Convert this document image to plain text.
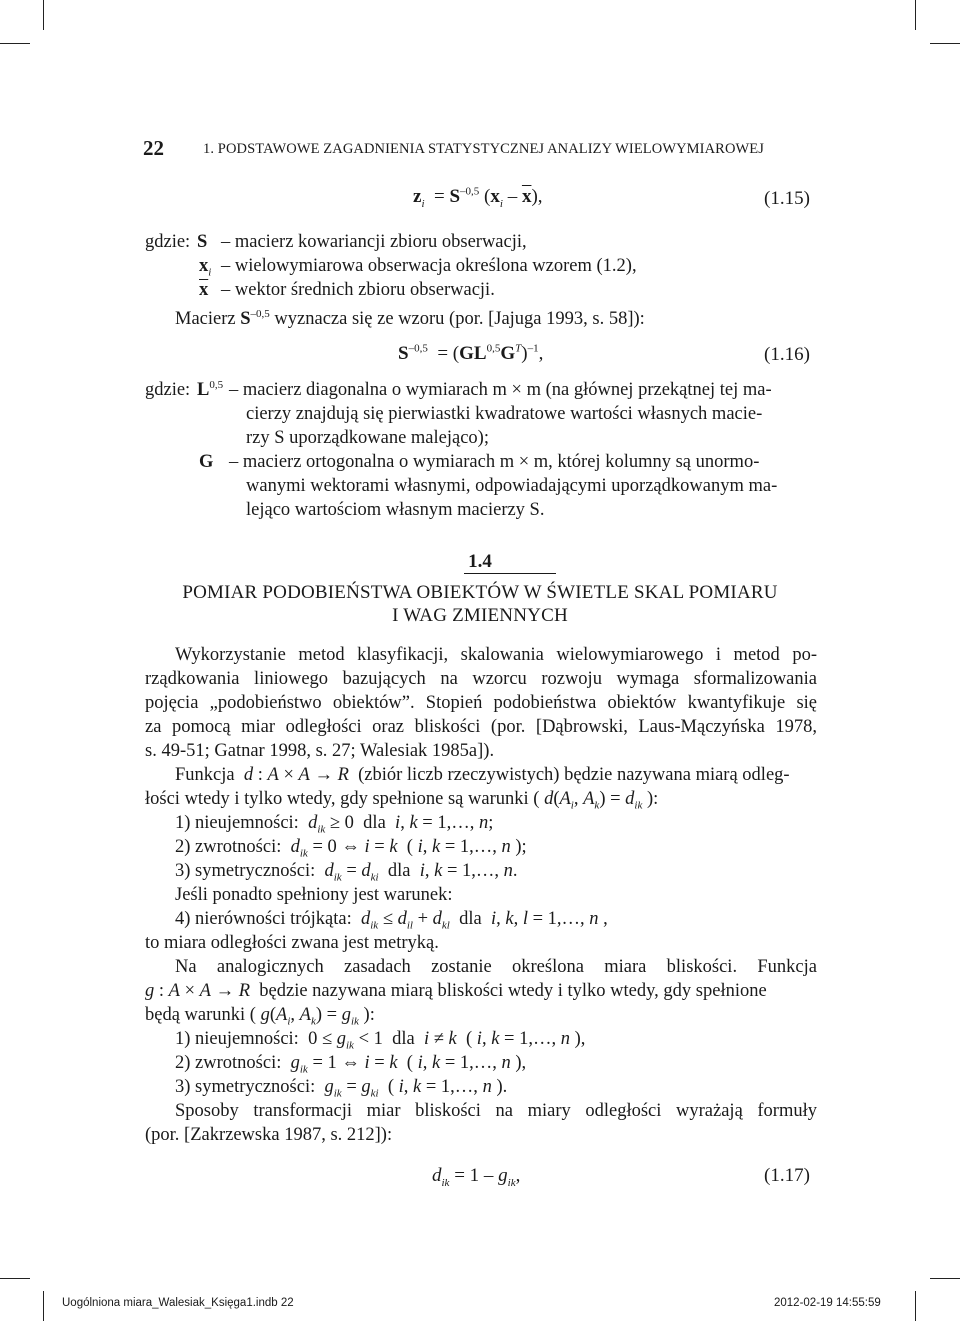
22	1. PODSTAWOWE ZAGADNIENIA STATYSTYCZNEJ ANALIZY WIELOWYMIAROWEJ
$z_i = S^{-0,5}$ $(x_i - \overline{x})$,	(1.15)
gdzie: S – macierz kowariancji zbioru obserwacji,
$x_i$ – wielowymiarowa obserwacja określona wzorem (1.2),
$\overline{x}$ – wektor średnich zbioru obserwacji.
Macierz $S^{-0,5}$ wyznacza się ze wzoru (por. [Jajuga 1993, s. 58]):
$S^{-0,5} = (GL^{0,5}G^T)^{-1}$,	(1.16)
gdzie: L$^{0,5}$ – macierz diagonalna o wymiarach m × m (na głównej przekątnej tej ma-
cierzy znajdują się pierwiastki kwadratowe wartości własnych macie-
rzy S uporządkowane malejąco);
G – macierz ortogonalna o wymiarach m × m, której kolumny są unormo-
wanymi wektorami własnymi, odpowiadającymi uporządkowanym ma-
lejąco wartościom własnym macierzy S.
1.4
POMIAR PODOBIEŃSTWA OBIEKTÓW W ŚWIETLE SKAL POMIARU
I WAG ZMIENNYCH
Wykorzystanie metod klasyfikacji, skalowania wielowymiarowego i metod po-
rządkowania liniowego bazujących na wzorcu rozwoju wymaga sformalizowania
pojęcia „podobieństwo obiektów”. Stopień podobieństwa obiektów kwantyfikuje się
za pomocą miar odległości oraz bliskości (por. [Dąbrowski, Laus-Mączyńska 1978,
s. 49-51; Gatnar 1998, s. 27; Walesiak 1985a]).
Funkcja  d : A × A → R  (zbiór liczb rzeczywistych) będzie nazywana miarą odleg-
łości wtedy i tylko wtedy, gdy spełnione są warunki ( $d(A_i$, $A_k) = d_{ik}$ ):
1) nieujemności:  $d_{ik} \ge 0$  dla  i, k = 1,…, n;
2) zwrotności:  $d_{ik} = 0$ ⇔ i = k  ( i, k = 1,…, n );
3) symetryczności:  $d_{ik} = d_{ki}$  dla  i, k = 1,…, n.
Jeśli ponadto spełniony jest warunek:
4) nierówności trójkąta:  $d_{ik} \le d_{il} + d_{kl}$  dla  i, k, l = 1,…, n ,
to miara odległości zwana jest metryką.
Na analogicznych zasadach zostanie określona miara bliskości. Funkcja
g : A × A → R  będzie nazywana miarą bliskości wtedy i tylko wtedy, gdy spełnione
będą warunki ( $g(A_i$, $A_k) = g_{ik}$ ):
1) nieujemności:  $0 \le g_{ik} < 1$  dla  i ≠ k  ( i, k = 1,…, n ),
2) zwrotności:  $g_{ik} = 1$ ⇔ i = k  ( i, k = 1,…, n ),
3) symetryczności:  $g_{ik} = g_{ki}$  ( i, k = 1,…, n ).
Sposoby transformacji miar bliskości na miary odległości wyrażają formuły
(por. [Zakrzewska 1987, s. 212]):
$d_{ik} = 1 - g_{ik}$,	(1.17)
Uogólniona miara_Walesiak_Księga1.indb 22	2012-02-19 14:55:59
